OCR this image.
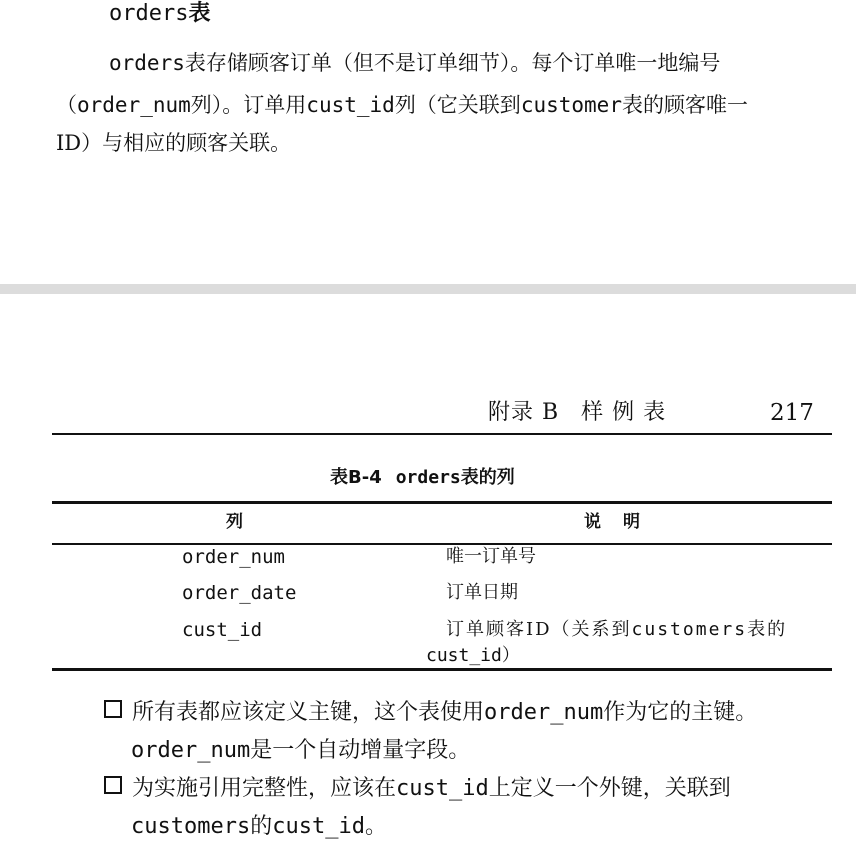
orders表
orders表存储顾客订单（但不是订单细节）。每个订单唯一地编号
（order_num列）。订单用cust_id列（它关联到customer表的顾客唯一
ID）与相应的顾客关联。
附录 B 样 例 表	217
表B-4 orders表的列
列	说明
order_num	唯一订单号
order_date	订单日期
cust_id	订单顾客ID（关系到customers表的
cust_id）
所有表都应该定义主键，这个表使用order_num作为它的主键。
order_num是一个自动增量字段。
为实施引用完整性，应该在cust_id上定义一个外键，关联到
customers的cust_id。
